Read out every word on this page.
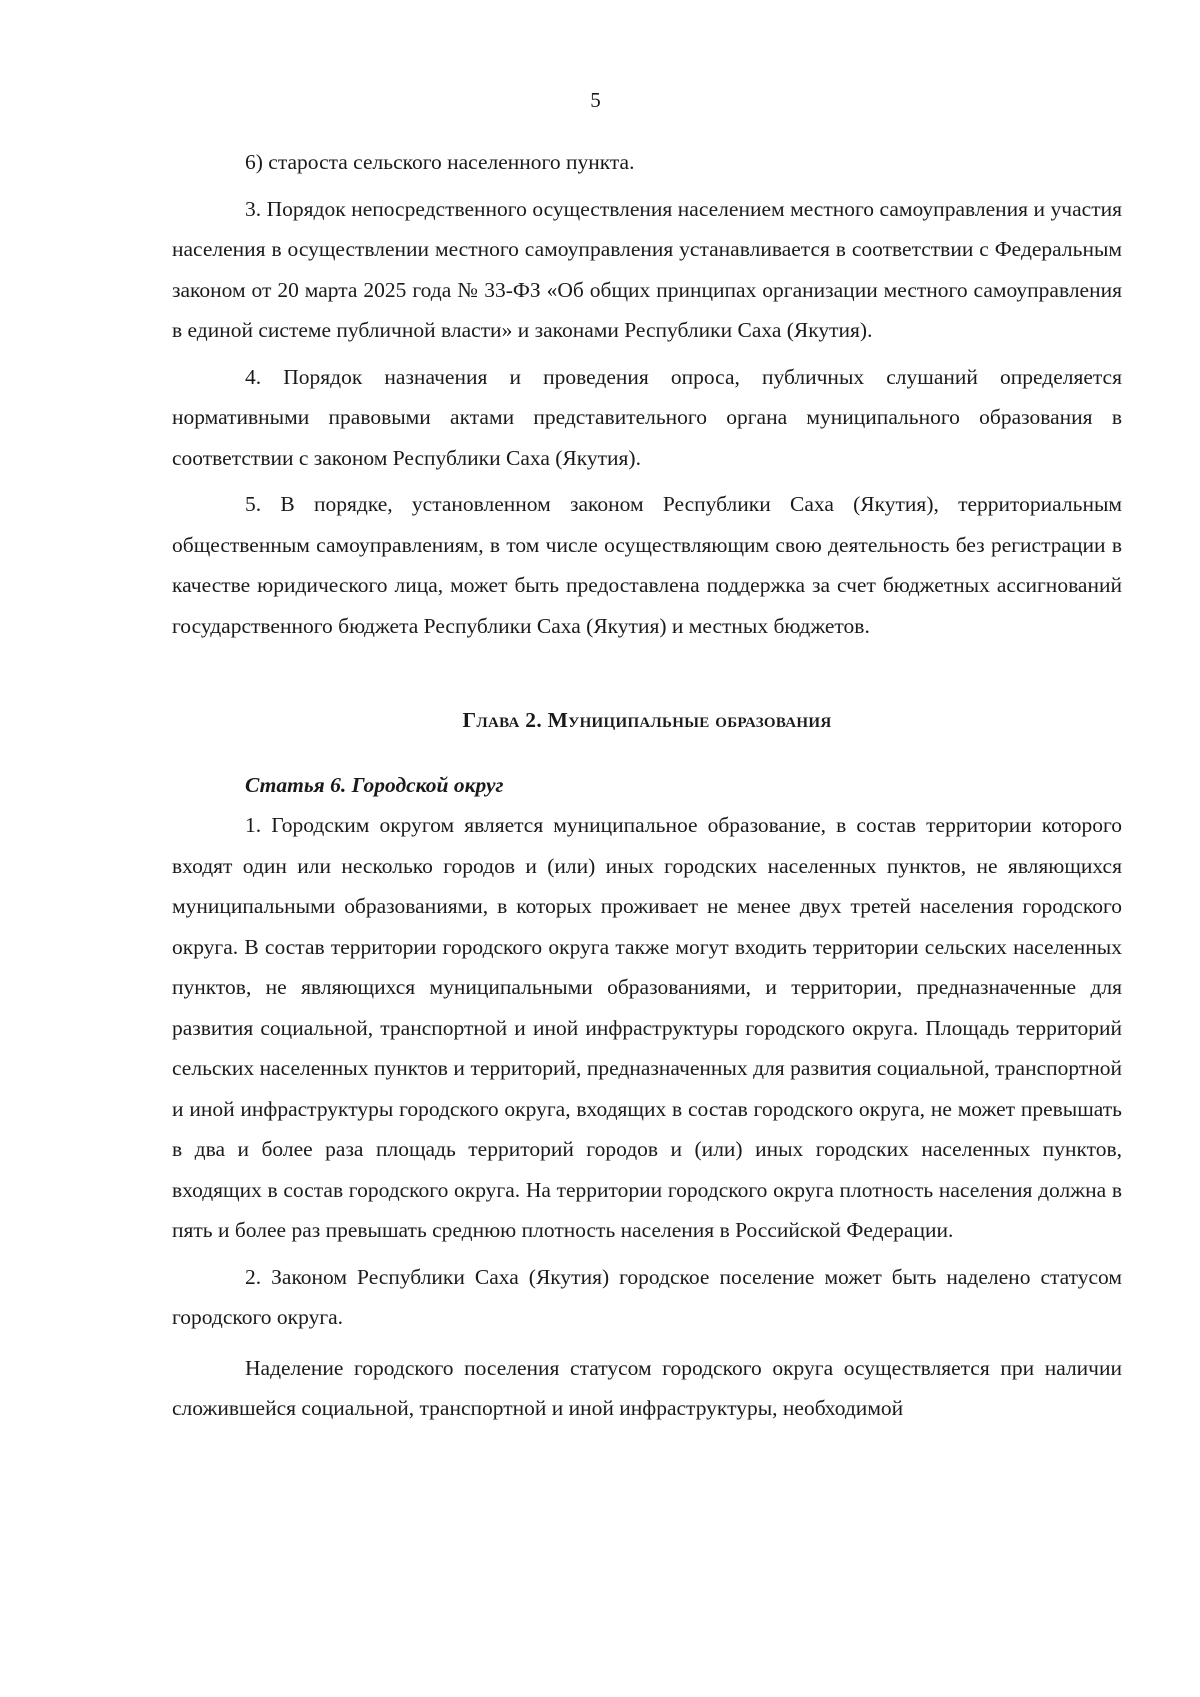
5

6) староста сельского населенного пункта.

3. Порядок непосредственного осуществления населением местного самоуправления и участия населения в осуществлении местного самоуправления устанавливается в соответствии с Федеральным законом от 20 марта 2025 года № 33-ФЗ «Об общих принципах организации местного самоуправления в единой системе публичной власти» и законами Республики Саха (Якутия).

4. Порядок назначения и проведения опроса, публичных слушаний определяется нормативными правовыми актами представительного органа муниципального образования в соответствии с законом Республики Саха (Якутия).

5. В порядке, установленном законом Республики Саха (Якутия), территориальным общественным самоуправлениям, в том числе осуществляющим свою деятельность без регистрации в качестве юридического лица, может быть предоставлена поддержка за счет бюджетных ассигнований государственного бюджета Республики Саха (Якутия) и местных бюджетов.

Глава 2. Муниципальные образования

Статья 6. Городской округ

1. Городским округом является муниципальное образование, в состав территории которого входят один или несколько городов и (или) иных городских населенных пунктов, не являющихся муниципальными образованиями, в которых проживает не менее двух третей населения городского округа. В состав территории городского округа также могут входить территории сельских населенных пунктов, не являющихся муниципальными образованиями, и территории, предназначенные для развития социальной, транспортной и иной инфраструктуры городского округа. Площадь территорий сельских населенных пунктов и территорий, предназначенных для развития социальной, транспортной и иной инфраструктуры городского округа, входящих в состав городского округа, не может превышать в два и более раза площадь территорий городов и (или) иных городских населенных пунктов, входящих в состав городского округа. На территории городского округа плотность населения должна в пять и более раз превышать среднюю плотность населения в Российской Федерации.

2. Законом Республики Саха (Якутия) городское поселение может быть наделено статусом городского округа.

Наделение городского поселения статусом городского округа осуществляется при наличии сложившейся социальной, транспортной и иной инфраструктуры, необходимой
